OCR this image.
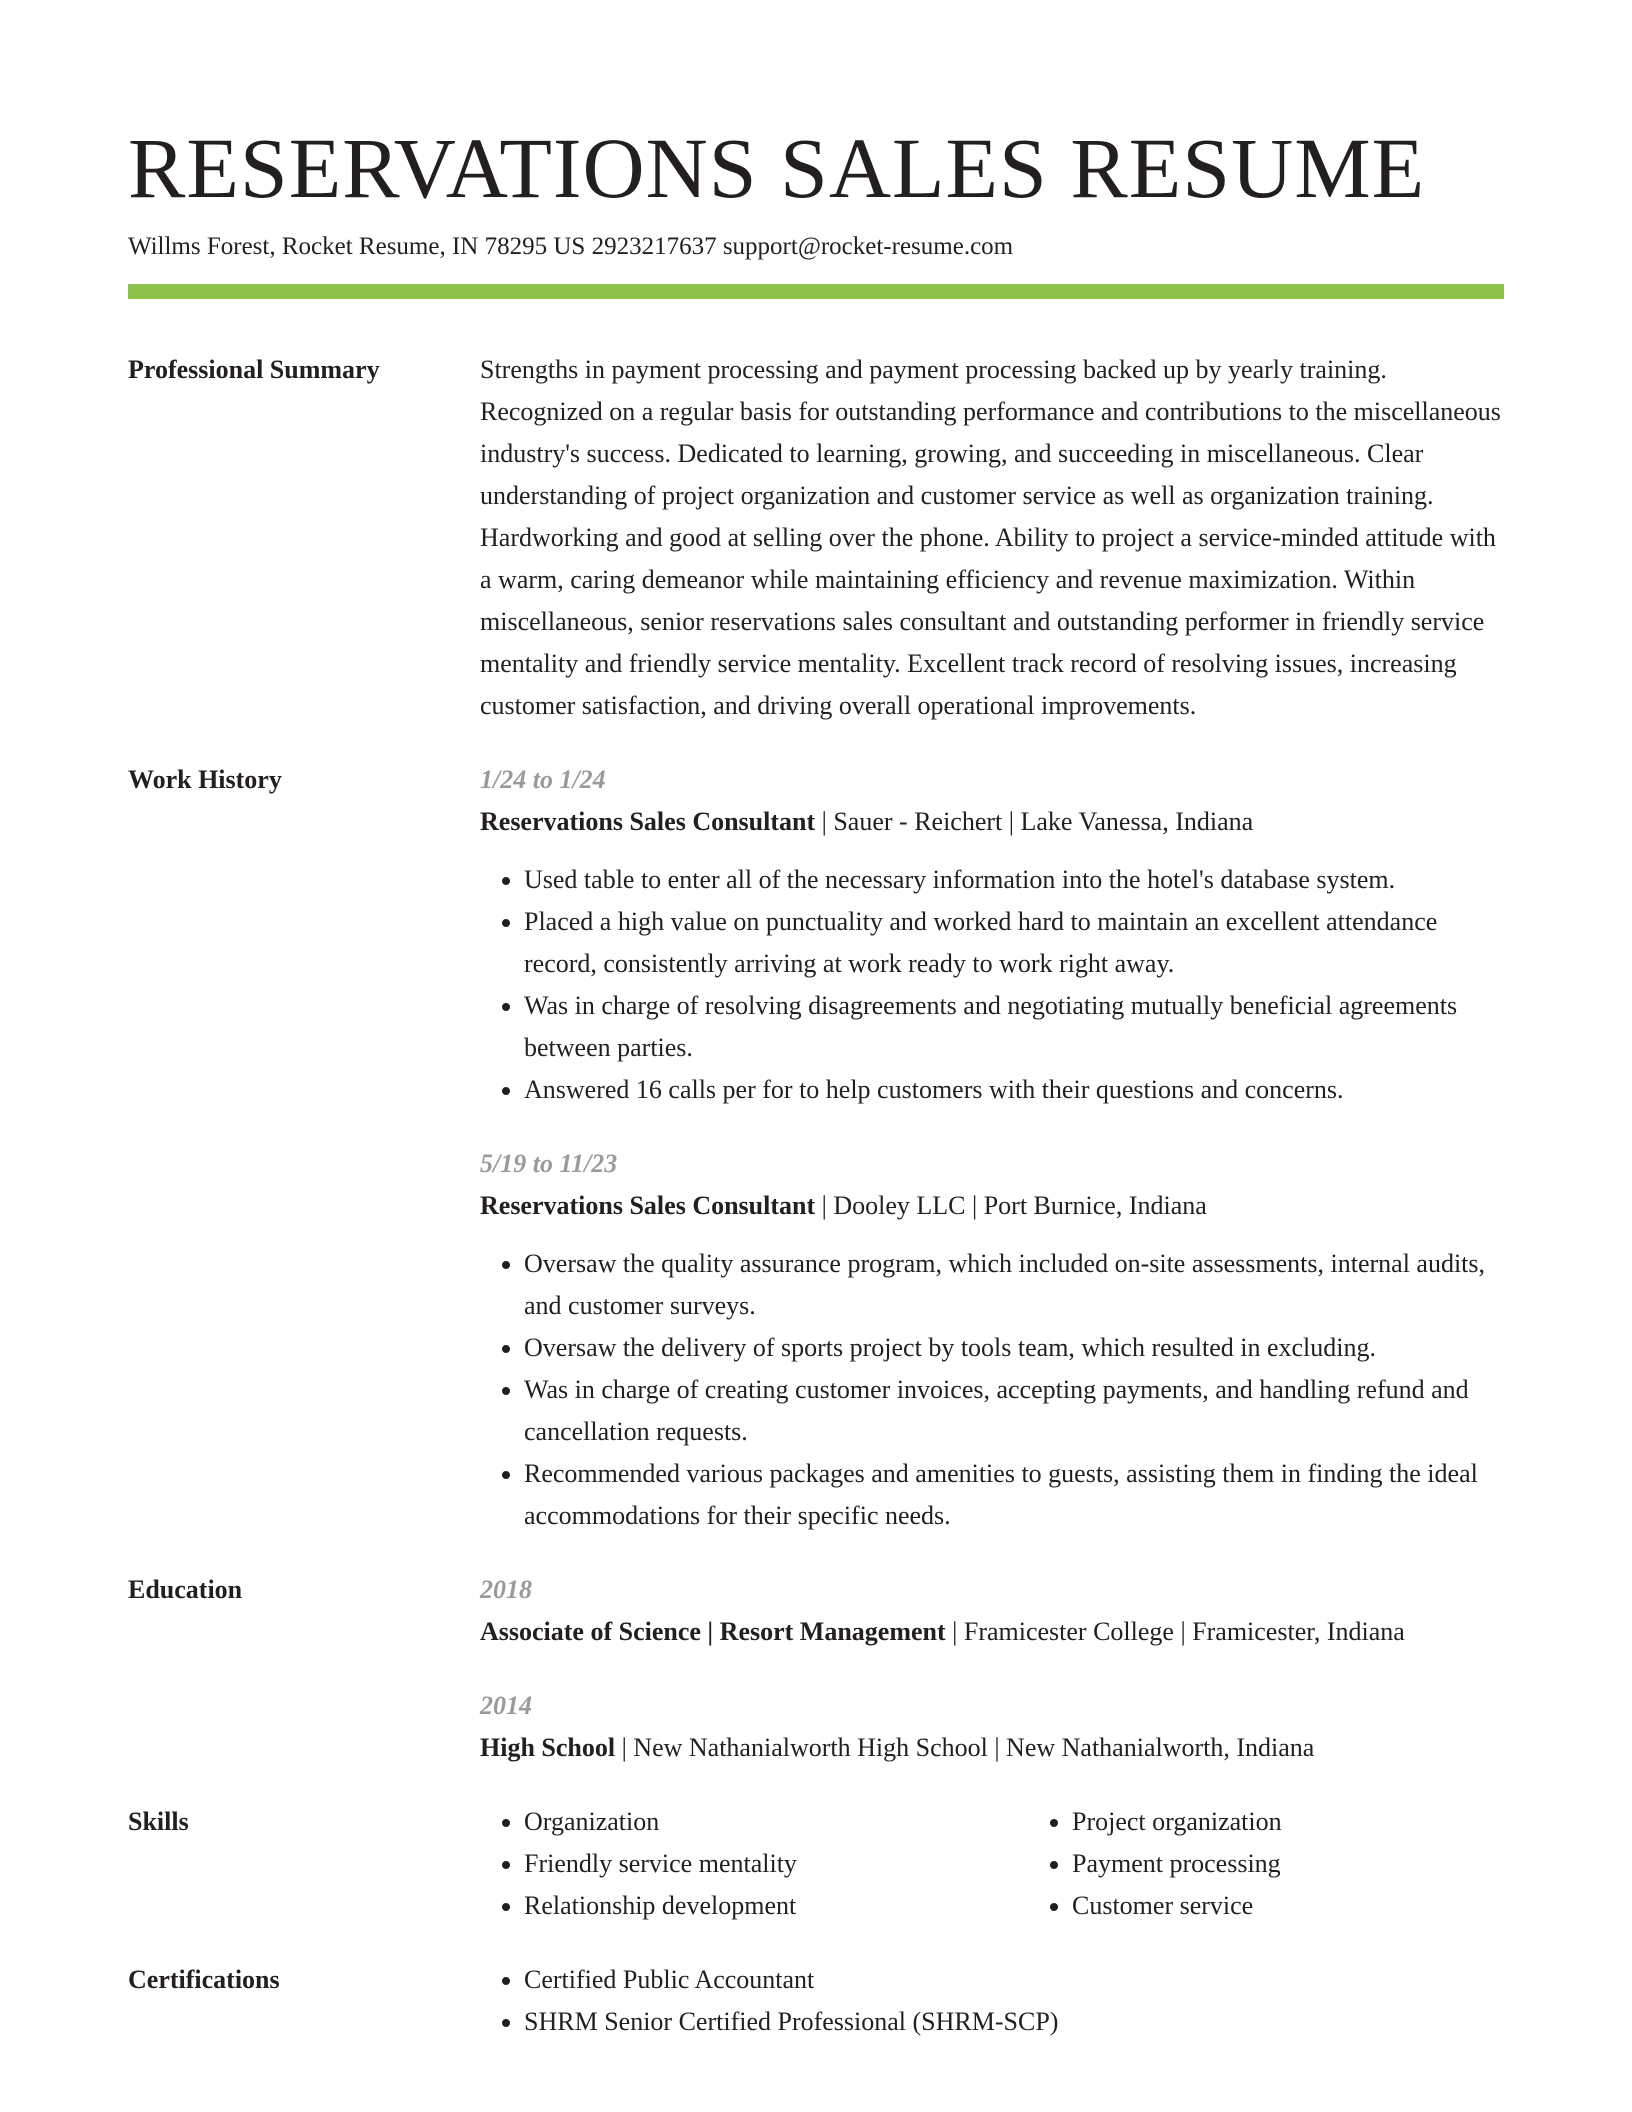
RESERVATIONS SALES RESUME
Willms Forest, Rocket Resume, IN 78295 US 2923217637 support@rocket-resume.com
Professional Summary	Strengths in payment processing and payment processing backed up by yearly training. Recognized on a regular basis for outstanding performance and contributions to the miscellaneous industry's success. Dedicated to learning, growing, and succeeding in miscellaneous. Clear understanding of project organization and customer service as well as organization training. Hardworking and good at selling over the phone. Ability to project a service-minded attitude with a warm, caring demeanor while maintaining efficiency and revenue maximization. Within miscellaneous, senior reservations sales consultant and outstanding performer in friendly service mentality and friendly service mentality. Excellent track record of resolving issues, increasing customer satisfaction, and driving overall operational improvements.
Work History	1/24 to 1/24
Reservations Sales Consultant | Sauer - Reichert | Lake Vanessa, Indiana
• Used table to enter all of the necessary information into the hotel's database system.
• Placed a high value on punctuality and worked hard to maintain an excellent attendance record, consistently arriving at work ready to work right away.
• Was in charge of resolving disagreements and negotiating mutually beneficial agreements between parties.
• Answered 16 calls per for to help customers with their questions and concerns.
5/19 to 11/23
Reservations Sales Consultant | Dooley LLC | Port Burnice, Indiana
• Oversaw the quality assurance program, which included on-site assessments, internal audits, and customer surveys.
• Oversaw the delivery of sports project by tools team, which resulted in excluding.
• Was in charge of creating customer invoices, accepting payments, and handling refund and cancellation requests.
• Recommended various packages and amenities to guests, assisting them in finding the ideal accommodations for their specific needs.
Education	2018
Associate of Science | Resort Management | Framicester College | Framicester, Indiana
2014
High School | New Nathanialworth High School | New Nathanialworth, Indiana
Skills	• Organization
• Friendly service mentality
• Relationship development
• Project organization
• Payment processing
• Customer service
Certifications	• Certified Public Accountant
• SHRM Senior Certified Professional (SHRM-SCP)
